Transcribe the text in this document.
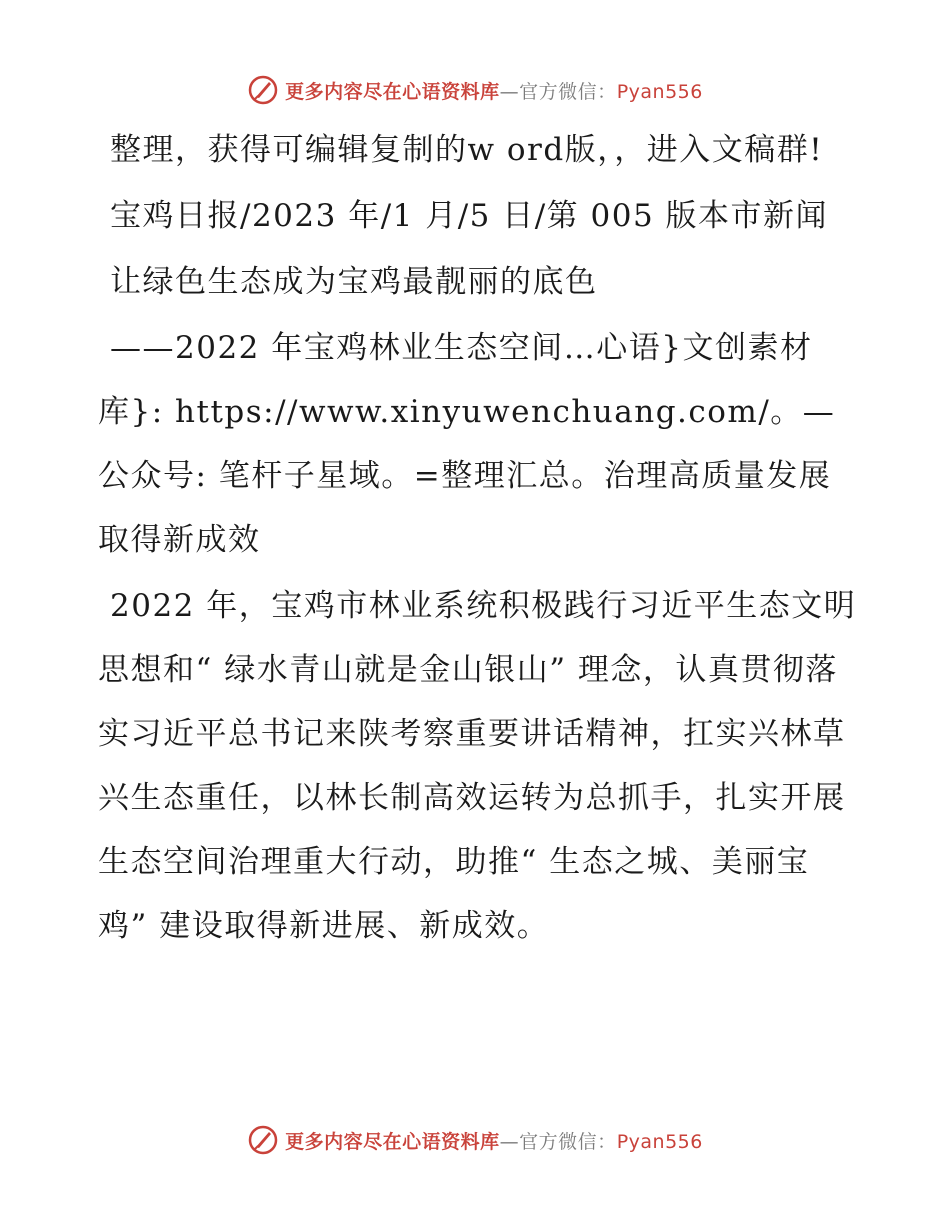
更多内容尽在心语资料库—官方微信：Pyan556

整理，获得可编辑复制的w ord版，，进入文稿群!

宝鸡日报/2023 年/1 月/5 日/第 005 版本市新闻

让绿色生态成为宝鸡最靓丽的底色

——2022 年宝鸡林业生态空间…心语}文创素材库}: https://www.xinyuwenchuang.com/。—公众号: 笔杆子星域。=整理汇总。治理高质量发展取得新成效

2022 年，宝鸡市林业系统积极践行习近平生态文明思想和“ 绿水青山就是金山银山” 理念，认真贯彻落实习近平总书记来陕考察重要讲话精神，扛实兴林草兴生态重任，以林长制高效运转为总抓手，扎实开展生态空间治理重大行动，助推“ 生态之城、美丽宝鸡” 建设取得新进展、新成效。

更多内容尽在心语资料库—官方微信：Pyan556
